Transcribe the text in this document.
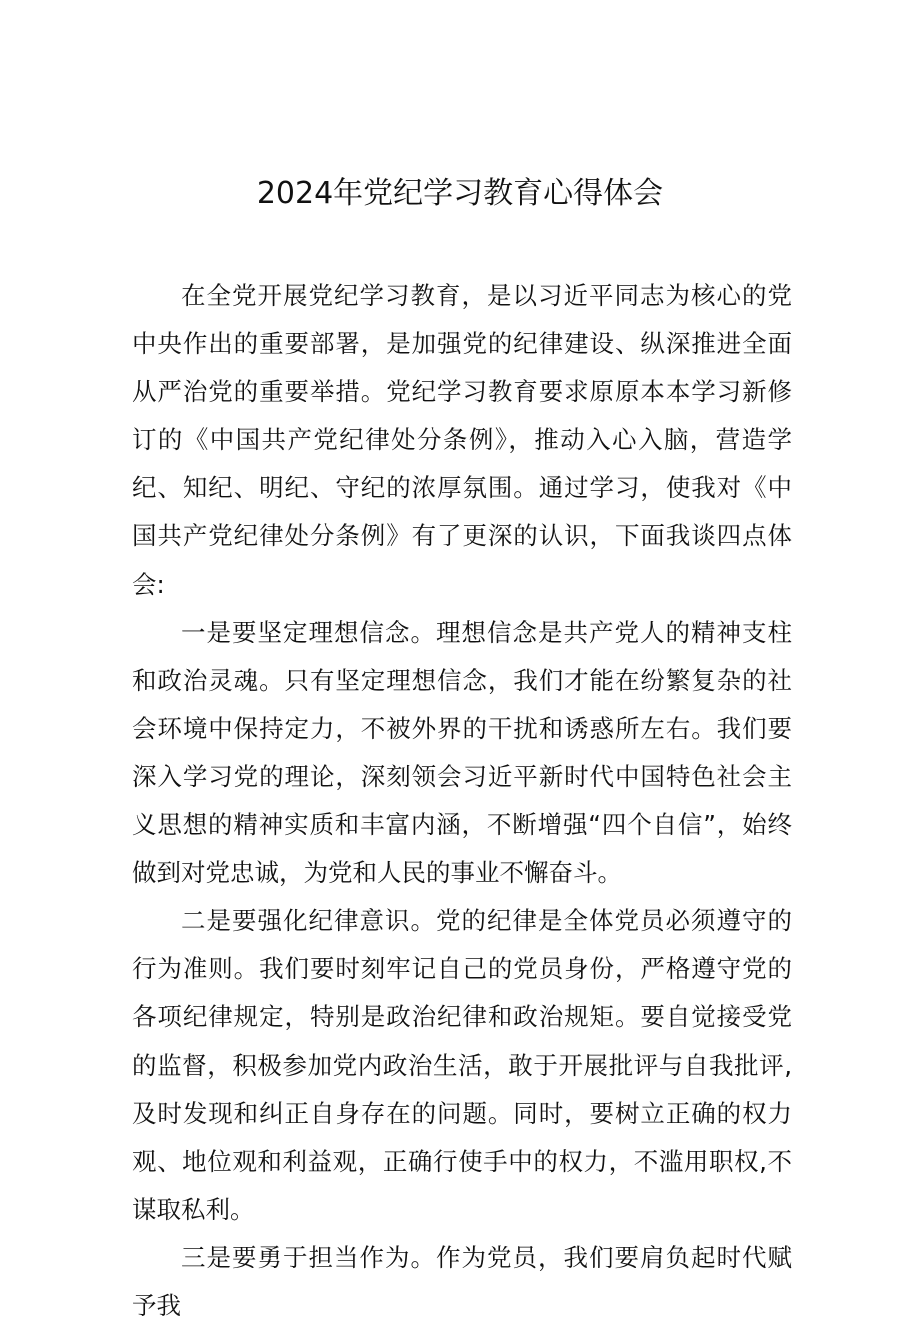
2024年党纪学习教育心得体会

在全党开展党纪学习教育，是以习近平同志为核心的党中央作出的重要部署，是加强党的纪律建设、纵深推进全面从严治党的重要举措。党纪学习教育要求原原本本学习新修订的《中国共产党纪律处分条例》，推动入心入脑，营造学纪、知纪、明纪、守纪的浓厚氛围。通过学习，使我对《中国共产党纪律处分条例》有了更深的认识，下面我谈四点体会:

一是要坚定理想信念。理想信念是共产党人的精神支柱和政治灵魂。只有坚定理想信念，我们才能在纷繁复杂的社会环境中保持定力，不被外界的干扰和诱惑所左右。我们要深入学习党的理论，深刻领会习近平新时代中国特色社会主义思想的精神实质和丰富内涵，不断增强“四个自信”，始终做到对党忠诚，为党和人民的事业不懈奋斗。

二是要强化纪律意识。党的纪律是全体党员必须遵守的行为准则。我们要时刻牢记自己的党员身份，严格遵守党的各项纪律规定，特别是政治纪律和政治规矩。要自觉接受党的监督，积极参加党内政治生活，敢于开展批评与自我批评,及时发现和纠正自身存在的问题。同时，要树立正确的权力观、地位观和利益观，正确行使手中的权力，不滥用职权,不谋取私利。

三是要勇于担当作为。作为党员，我们要肩负起时代赋予我
